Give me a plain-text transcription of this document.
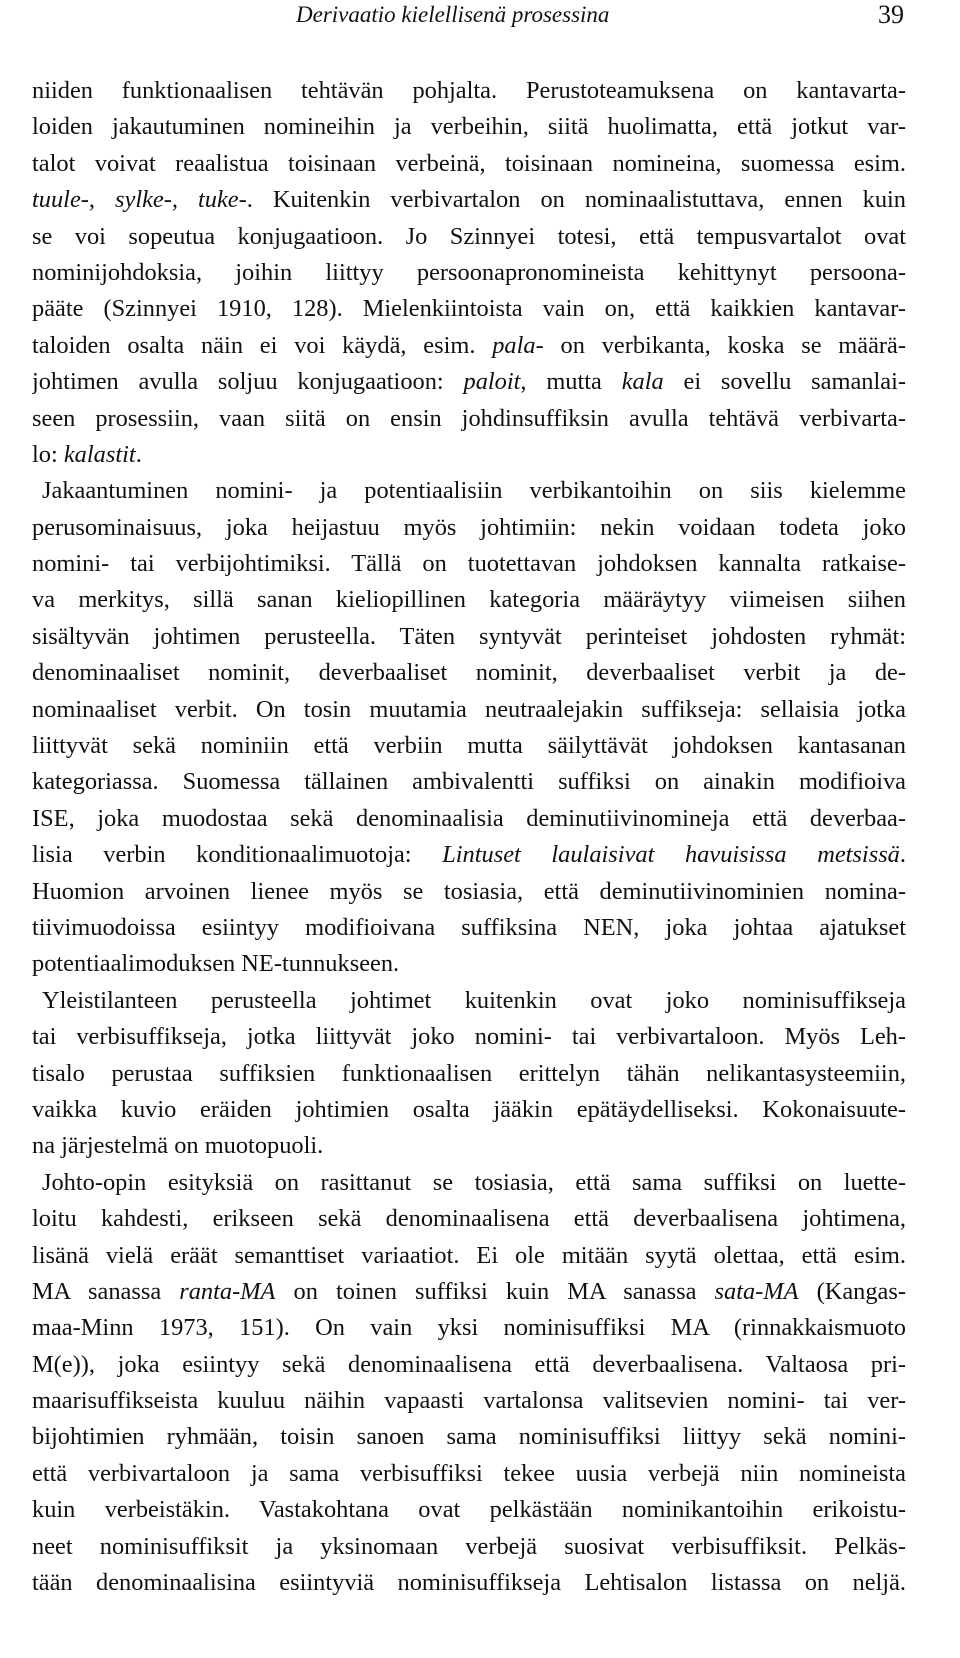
Derivaatio kielellisenä prosessina	39
niiden funktionaalisen tehtävän pohjalta. Perustoteamuksena on kantavarta-
loiden jakautuminen nomineihin ja verbeihin, siitä huolimatta, että jotkut var-
talot voivat reaalistua toisinaan verbeinä, toisinaan nomineina, suomessa esim.
tuule-, sylke-, tuke-. Kuitenkin verbivartalon on nominaalistuttava, ennen kuin
se voi sopeutua konjugaatioon. Jo Szinnyei totesi, että tempusvartalot ovat
nominijohdoksia, joihin liittyy persoonapronomineista kehittynyt persoona-
pääte (Szinnyei 1910, 128). Mielenkiintoista vain on, että kaikkien kantavar-
taloiden osalta näin ei voi käydä, esim. pala- on verbikanta, koska se määrä-
johtimen avulla soljuu konjugaatioon: paloit, mutta kala ei sovellu samanlai-
seen prosessiin, vaan siitä on ensin johdinsuffiksin avulla tehtävä verbivarta-
lo: kalastit.
Jakaantuminen nomini- ja potentiaalisiin verbikantoihin on siis kielemme
perusominaisuus, joka heijastuu myös johtimiin: nekin voidaan todeta joko
nomini- tai verbijohtimiksi. Tällä on tuotettavan johdoksen kannalta ratkaise-
va merkitys, sillä sanan kieliopillinen kategoria määräytyy viimeisen siihen
sisältyvän johtimen perusteella. Täten syntyvät perinteiset johdosten ryhmät:
denominaaliset nominit, deverbaaliset nominit, deverbaaliset verbit ja de-
nominaaliset verbit. On tosin muutamia neutraalejakin suffikseja: sellaisia jotka
liittyvät sekä nominiin että verbiin mutta säilyttävät johdoksen kantasanan
kategoriassa. Suomessa tällainen ambivalentti suffiksi on ainakin modifioiva
ISE, joka muodostaa sekä denominaalisia deminutiivinomineja että deverbaa-
lisia verbin konditionaalimuotoja: Lintuset laulaisivat havuisissa metsissä.
Huomion arvoinen lienee myös se tosiasia, että deminutiivinominien nomina-
tiivimuodoissa esiintyy modifioivana suffiksina NEN, joka johtaa ajatukset
potentiaalimoduksen NE-tunnukseen.
Yleistilanteen perusteella johtimet kuitenkin ovat joko nominisuffikseja
tai verbisuffikseja, jotka liittyvät joko nomini- tai verbivartaloon. Myös Leh-
tisalo perustaa suffiksien funktionaalisen erittelyn tähän nelikantasysteemiin,
vaikka kuvio eräiden johtimien osalta jääkin epätäydelliseksi. Kokonaisuute-
na järjestelmä on muotopuoli.
Johto-opin esityksiä on rasittanut se tosiasia, että sama suffiksi on luette-
loitu kahdesti, erikseen sekä denominaalisena että deverbaalisena johtimena,
lisänä vielä eräät semanttiset variaatiot. Ei ole mitään syytä olettaa, että esim.
MA sanassa ranta-MA on toinen suffiksi kuin MA sanassa sata-MA (Kangas-
maa-Minn 1973, 151). On vain yksi nominisuffiksi MA (rinnakkaismuoto
M(e)), joka esiintyy sekä denominaalisena että deverbaalisena. Valtaosa pri-
maarisuffikseista kuuluu näihin vapaasti vartalonsa valitsevien nomini- tai ver-
bijohtimien ryhmään, toisin sanoen sama nominisuffiksi liittyy sekä nomini-
että verbivartaloon ja sama verbisuffiksi tekee uusia verbejä niin nomineista
kuin verbeistäkin. Vastakohtana ovat pelkästään nominikantoihin erikoistu-
neet nominisuffiksit ja yksinomaan verbejä suosivat verbisuffiksit. Pelkäs-
tään denominaalisina esiintyviä nominisuffikseja Lehtisalon listassa on neljä.
